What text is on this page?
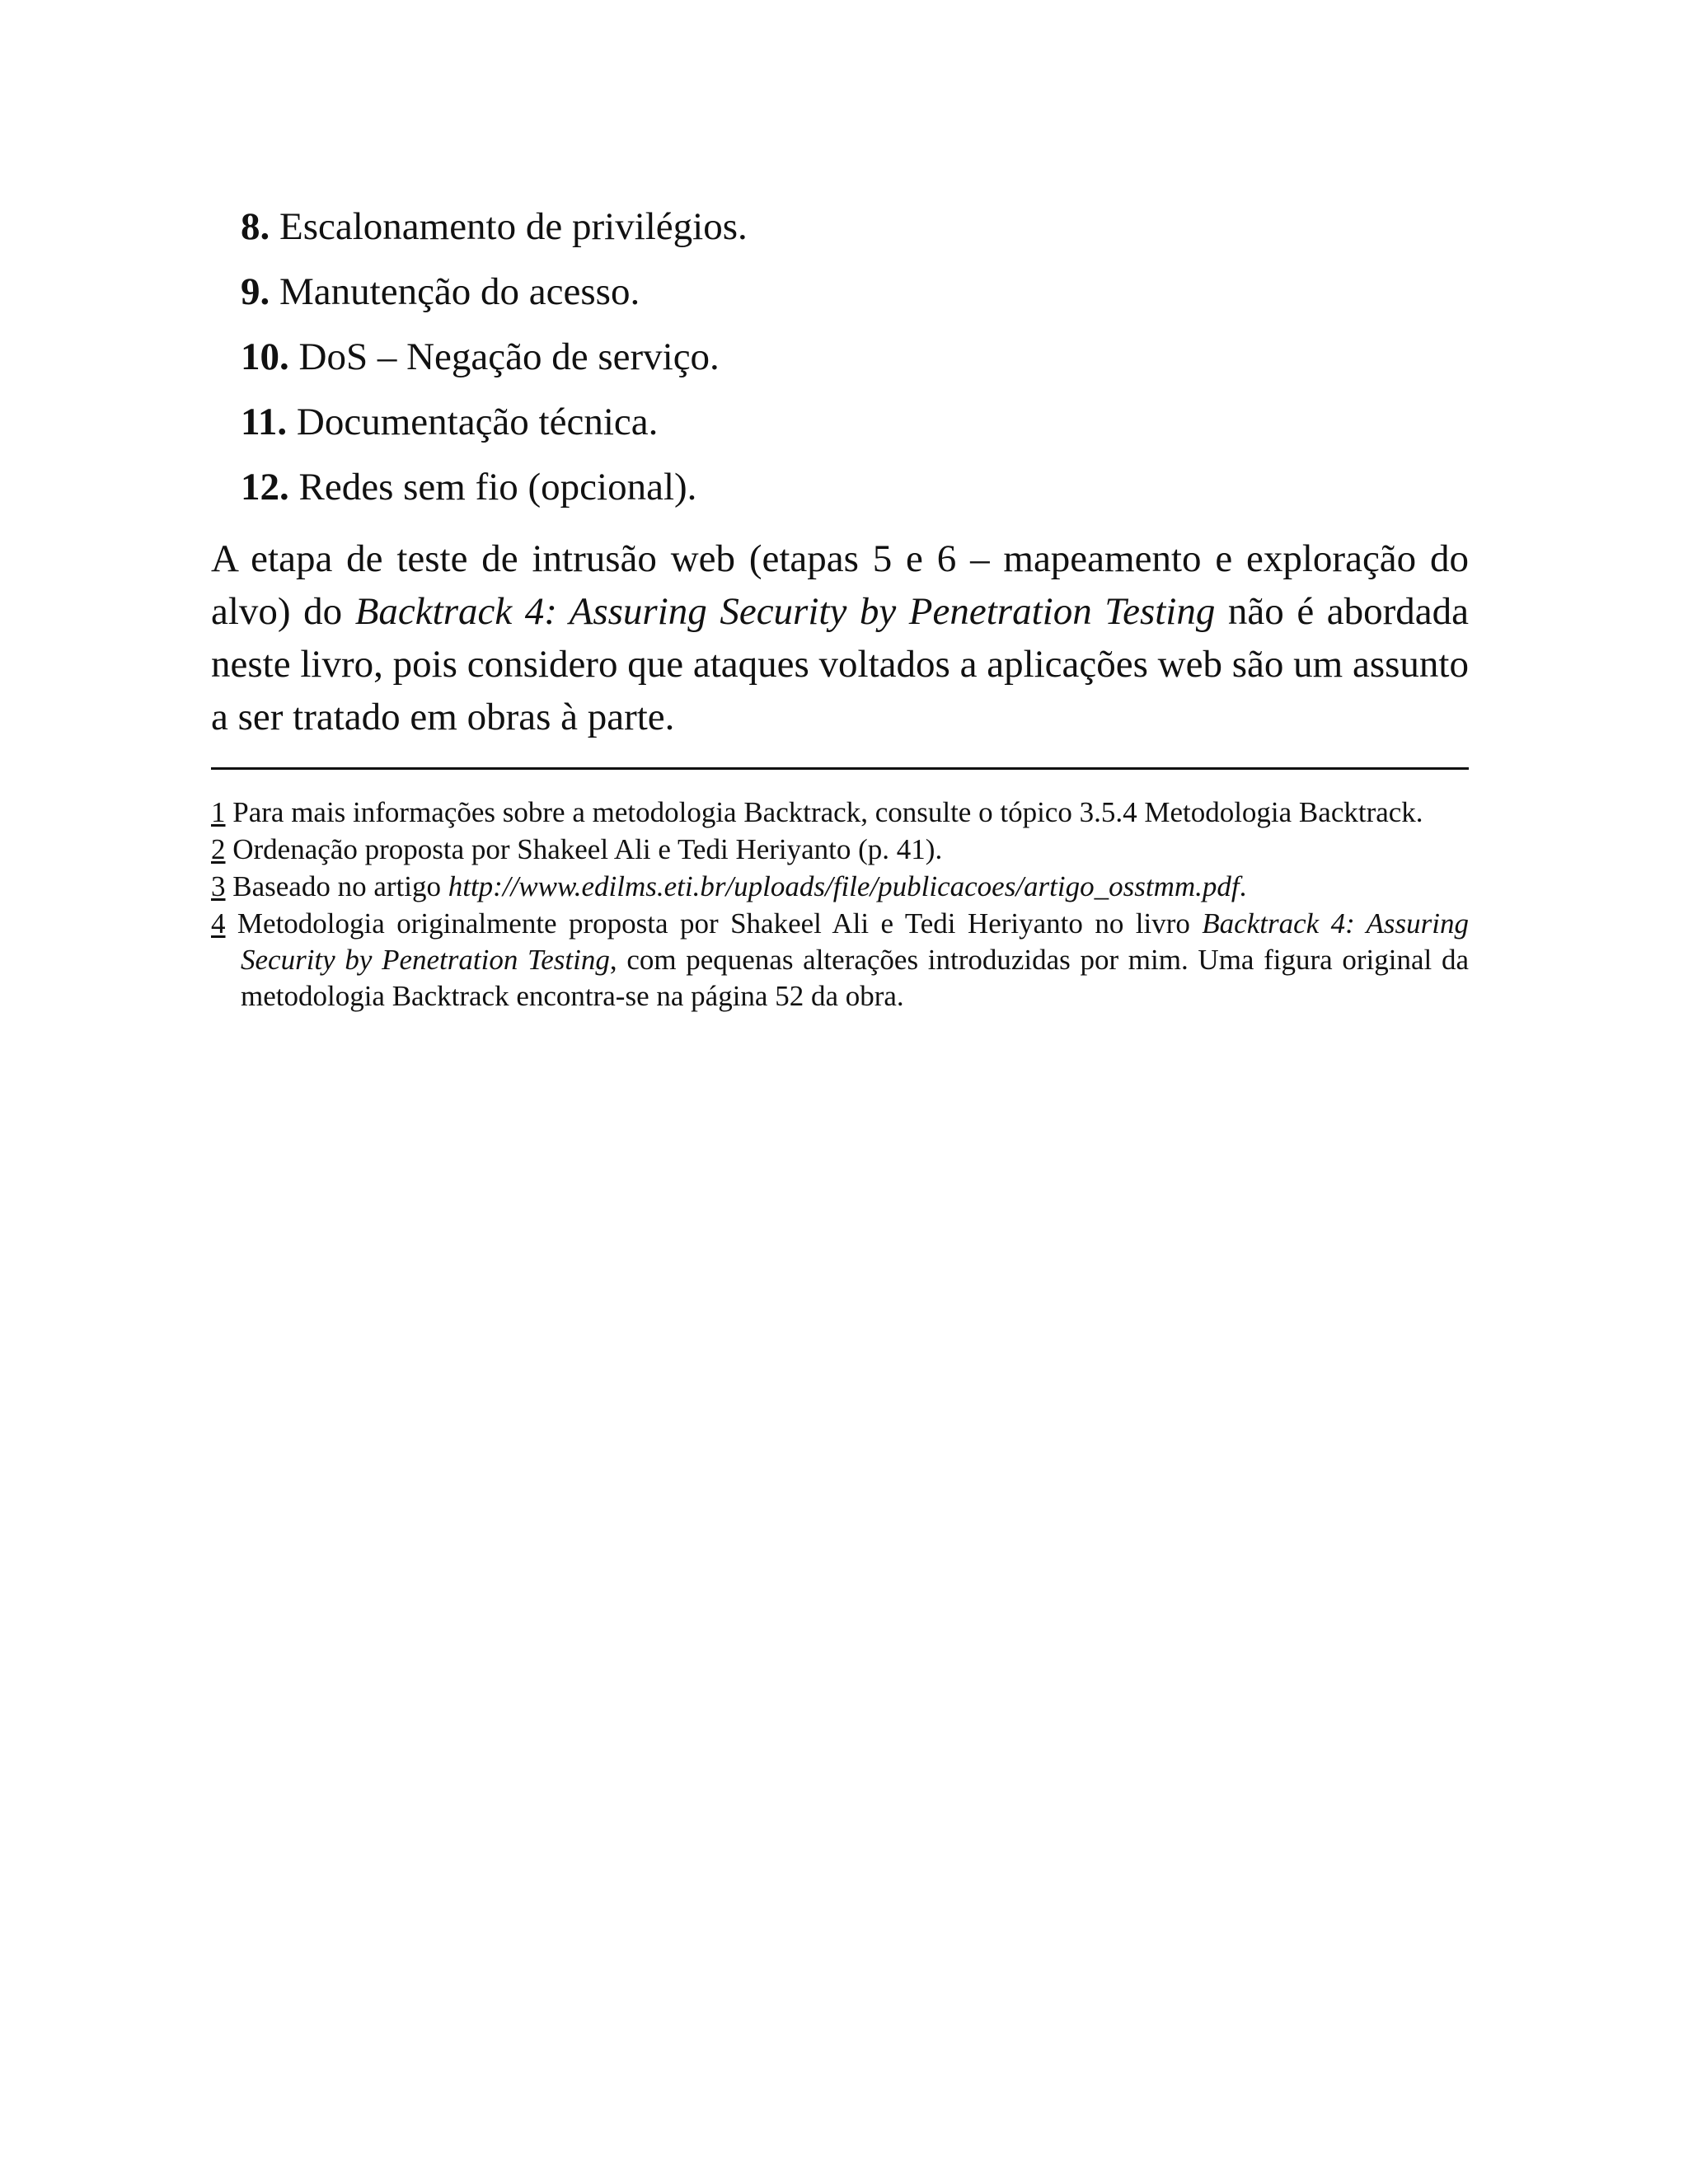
8. Escalonamento de privilégios.
9. Manutenção do acesso.
10. DoS – Negação de serviço.
11. Documentação técnica.
12. Redes sem fio (opcional).

A etapa de teste de intrusão web (etapas 5 e 6 – mapeamento e exploração do alvo) do Backtrack 4: Assuring Security by Penetration Testing não é abordada neste livro, pois considero que ataques voltados a aplicações web são um assunto a ser tratado em obras à parte.

1 Para mais informações sobre a metodologia Backtrack, consulte o tópico 3.5.4 Metodologia Backtrack.
2 Ordenação proposta por Shakeel Ali e Tedi Heriyanto (p. 41).
3 Baseado no artigo http://www.edilms.eti.br/uploads/file/publicacoes/artigo_osstmm.pdf.
4 Metodologia originalmente proposta por Shakeel Ali e Tedi Heriyanto no livro Backtrack 4: Assuring Security by Penetration Testing, com pequenas alterações introduzidas por mim. Uma figura original da metodologia Backtrack encontra-se na página 52 da obra.
